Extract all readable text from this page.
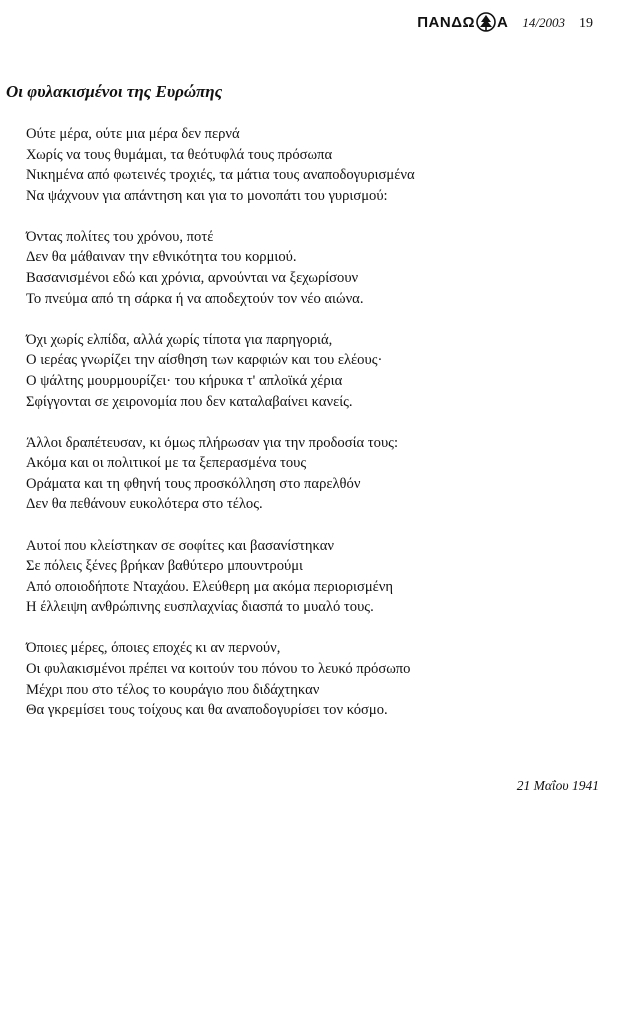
ΠΑΝΔΩ Α 14/2003 19
Οι φυλακισμένοι της Ευρώπης
Ούτε μέρα, ούτε μια μέρα δεν περνά
Χωρίς να τους θυμάμαι, τα θεότυφλά τους πρόσωπα
Νικημένα από φωτεινές τροχιές, τα μάτια τους αναποδογυρισμένα
Να ψάχνουν για απάντηση και για το μονοπάτι του γυρισμού:
Όντας πολίτες του χρόνου, ποτέ
Δεν θα μάθαιναν την εθνικότητα του κορμιού.
Βασανισμένοι εδώ και χρόνια, αρνούνται να ξεχωρίσουν
Το πνεύμα από τη σάρκα ή να αποδεχτούν τον νέο αιώνα.
Όχι χωρίς ελπίδα, αλλά χωρίς τίποτα για παρηγοριά,
Ο ιερέας γνωρίζει την αίσθηση των καρφιών και του ελέους·
Ο ψάλτης μουρμουρίζει· του κήρυκα τ' απλοϊκά χέρια
Σφίγγονται σε χειρονομία που δεν καταλαβαίνει κανείς.
Άλλοι δραπέτευσαν, κι όμως πλήρωσαν για την προδοσία τους:
Ακόμα και οι πολιτικοί με τα ξεπερασμένα τους
Οράματα και τη φθηνή τους προσκόλληση στο παρελθόν
Δεν θα πεθάνουν ευκολότερα στο τέλος.
Αυτοί που κλείστηκαν σε σοφίτες και βασανίστηκαν
Σε πόλεις ξένες βρήκαν βαθύτερο μπουντρούμι
Από οποιοδήποτε Νταχάου. Ελεύθερη μα ακόμα περιορισμένη
Η έλλειψη ανθρώπινης ευσπλαχνίας διασπά το μυαλό τους.
Όποιες μέρες, όποιες εποχές κι αν περνούν,
Οι φυλακισμένοι πρέπει να κοιτούν του πόνου το λευκό πρόσωπο
Μέχρι που στο τέλος το κουράγιο που διδάχτηκαν
Θα γκρεμίσει τους τοίχους και θα αναποδογυρίσει τον κόσμο.
21 Μαΐου 1941
